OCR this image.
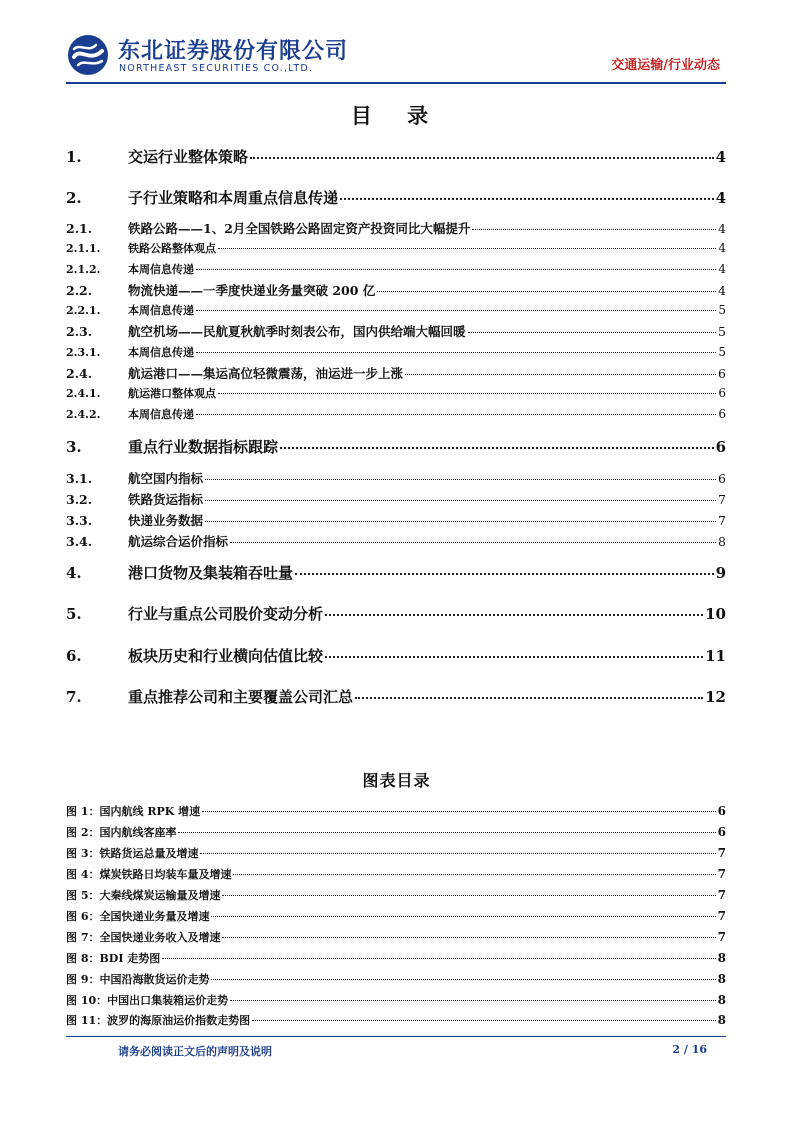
东北证券股份有限公司
NORTHEAST SECURITIES CO.,LTD.	交通运输/行业动态
目 录
1.	交运行业整体策略	4
2.	子行业策略和本周重点信息传递	4
2.1.	铁路公路——1、2月全国铁路公路固定资产投资同比大幅提升	4
2.1.1.	铁路公路整体观点	4
2.1.2.	本周信息传递	4
2.2.	物流快递——一季度快递业务量突破 200 亿	4
2.2.1.	本周信息传递	5
2.3.	航空机场——民航夏秋航季时刻表公布，国内供给端大幅回暖	5
2.3.1.	本周信息传递	5
2.4.	航运港口——集运高位轻微震荡，油运进一步上涨	6
2.4.1.	航运港口整体观点	6
2.4.2.	本周信息传递	6
3.	重点行业数据指标跟踪	6
3.1.	航空国内指标	6
3.2.	铁路货运指标	7
3.3.	快递业务数据	7
3.4.	航运综合运价指标	8
4.	港口货物及集装箱吞吐量	9
5.	行业与重点公司股价变动分析	10
6.	板块历史和行业横向估值比较	11
7.	重点推荐公司和主要覆盖公司汇总	12
图表目录
图 1：国内航线 RPK 增速	6
图 2：国内航线客座率	6
图 3：铁路货运总量及增速	7
图 4：煤炭铁路日均装车量及增速	7
图 5：大秦线煤炭运输量及增速	7
图 6：全国快递业务量及增速	7
图 7：全国快递业务收入及增速	7
图 8：BDI 走势图	8
图 9：中国沿海散货运价走势	8
图 10：中国出口集装箱运价走势	8
图 11：波罗的海原油运价指数走势图	8
请务必阅读正文后的声明及说明	2 / 16
